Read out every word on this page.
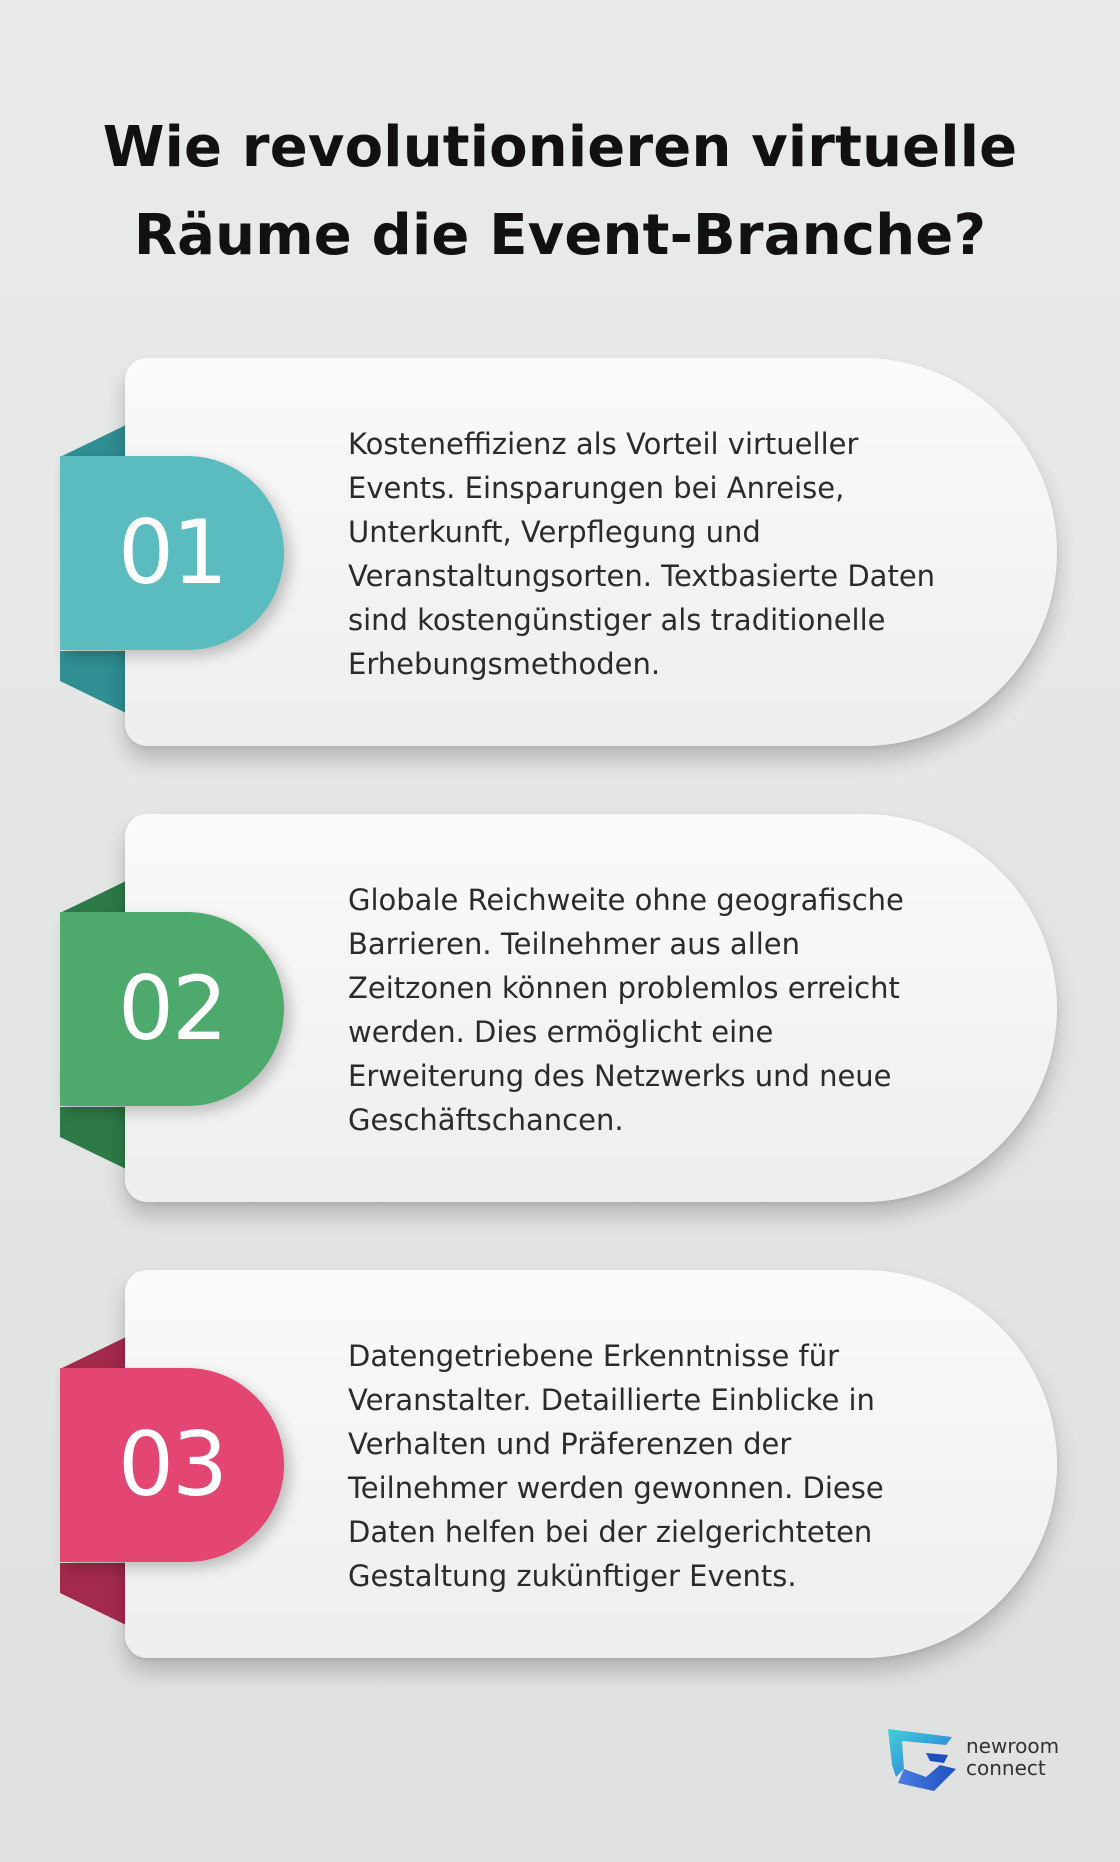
Wie revolutionieren virtuelle
Räume die Event-Branche?
Kosteneffizienz als Vorteil virtueller Events. Einsparungen bei Anreise, Unterkunft, Verpflegung und Veranstaltungsorten. Textbasierte Daten sind kostengünstiger als traditionelle Erhebungsmethoden.
01
Globale Reichweite ohne geografische Barrieren. Teilnehmer aus allen Zeitzonen können problemlos erreicht werden. Dies ermöglicht eine Erweiterung des Netzwerks und neue Geschäftschancen.
02
Datengetriebene Erkenntnisse für Veranstalter. Detaillierte Einblicke in Verhalten und Präferenzen der Teilnehmer werden gewonnen. Diese Daten helfen bei der zielgerichteten Gestaltung zukünftiger Events.
03
newroom
connect
